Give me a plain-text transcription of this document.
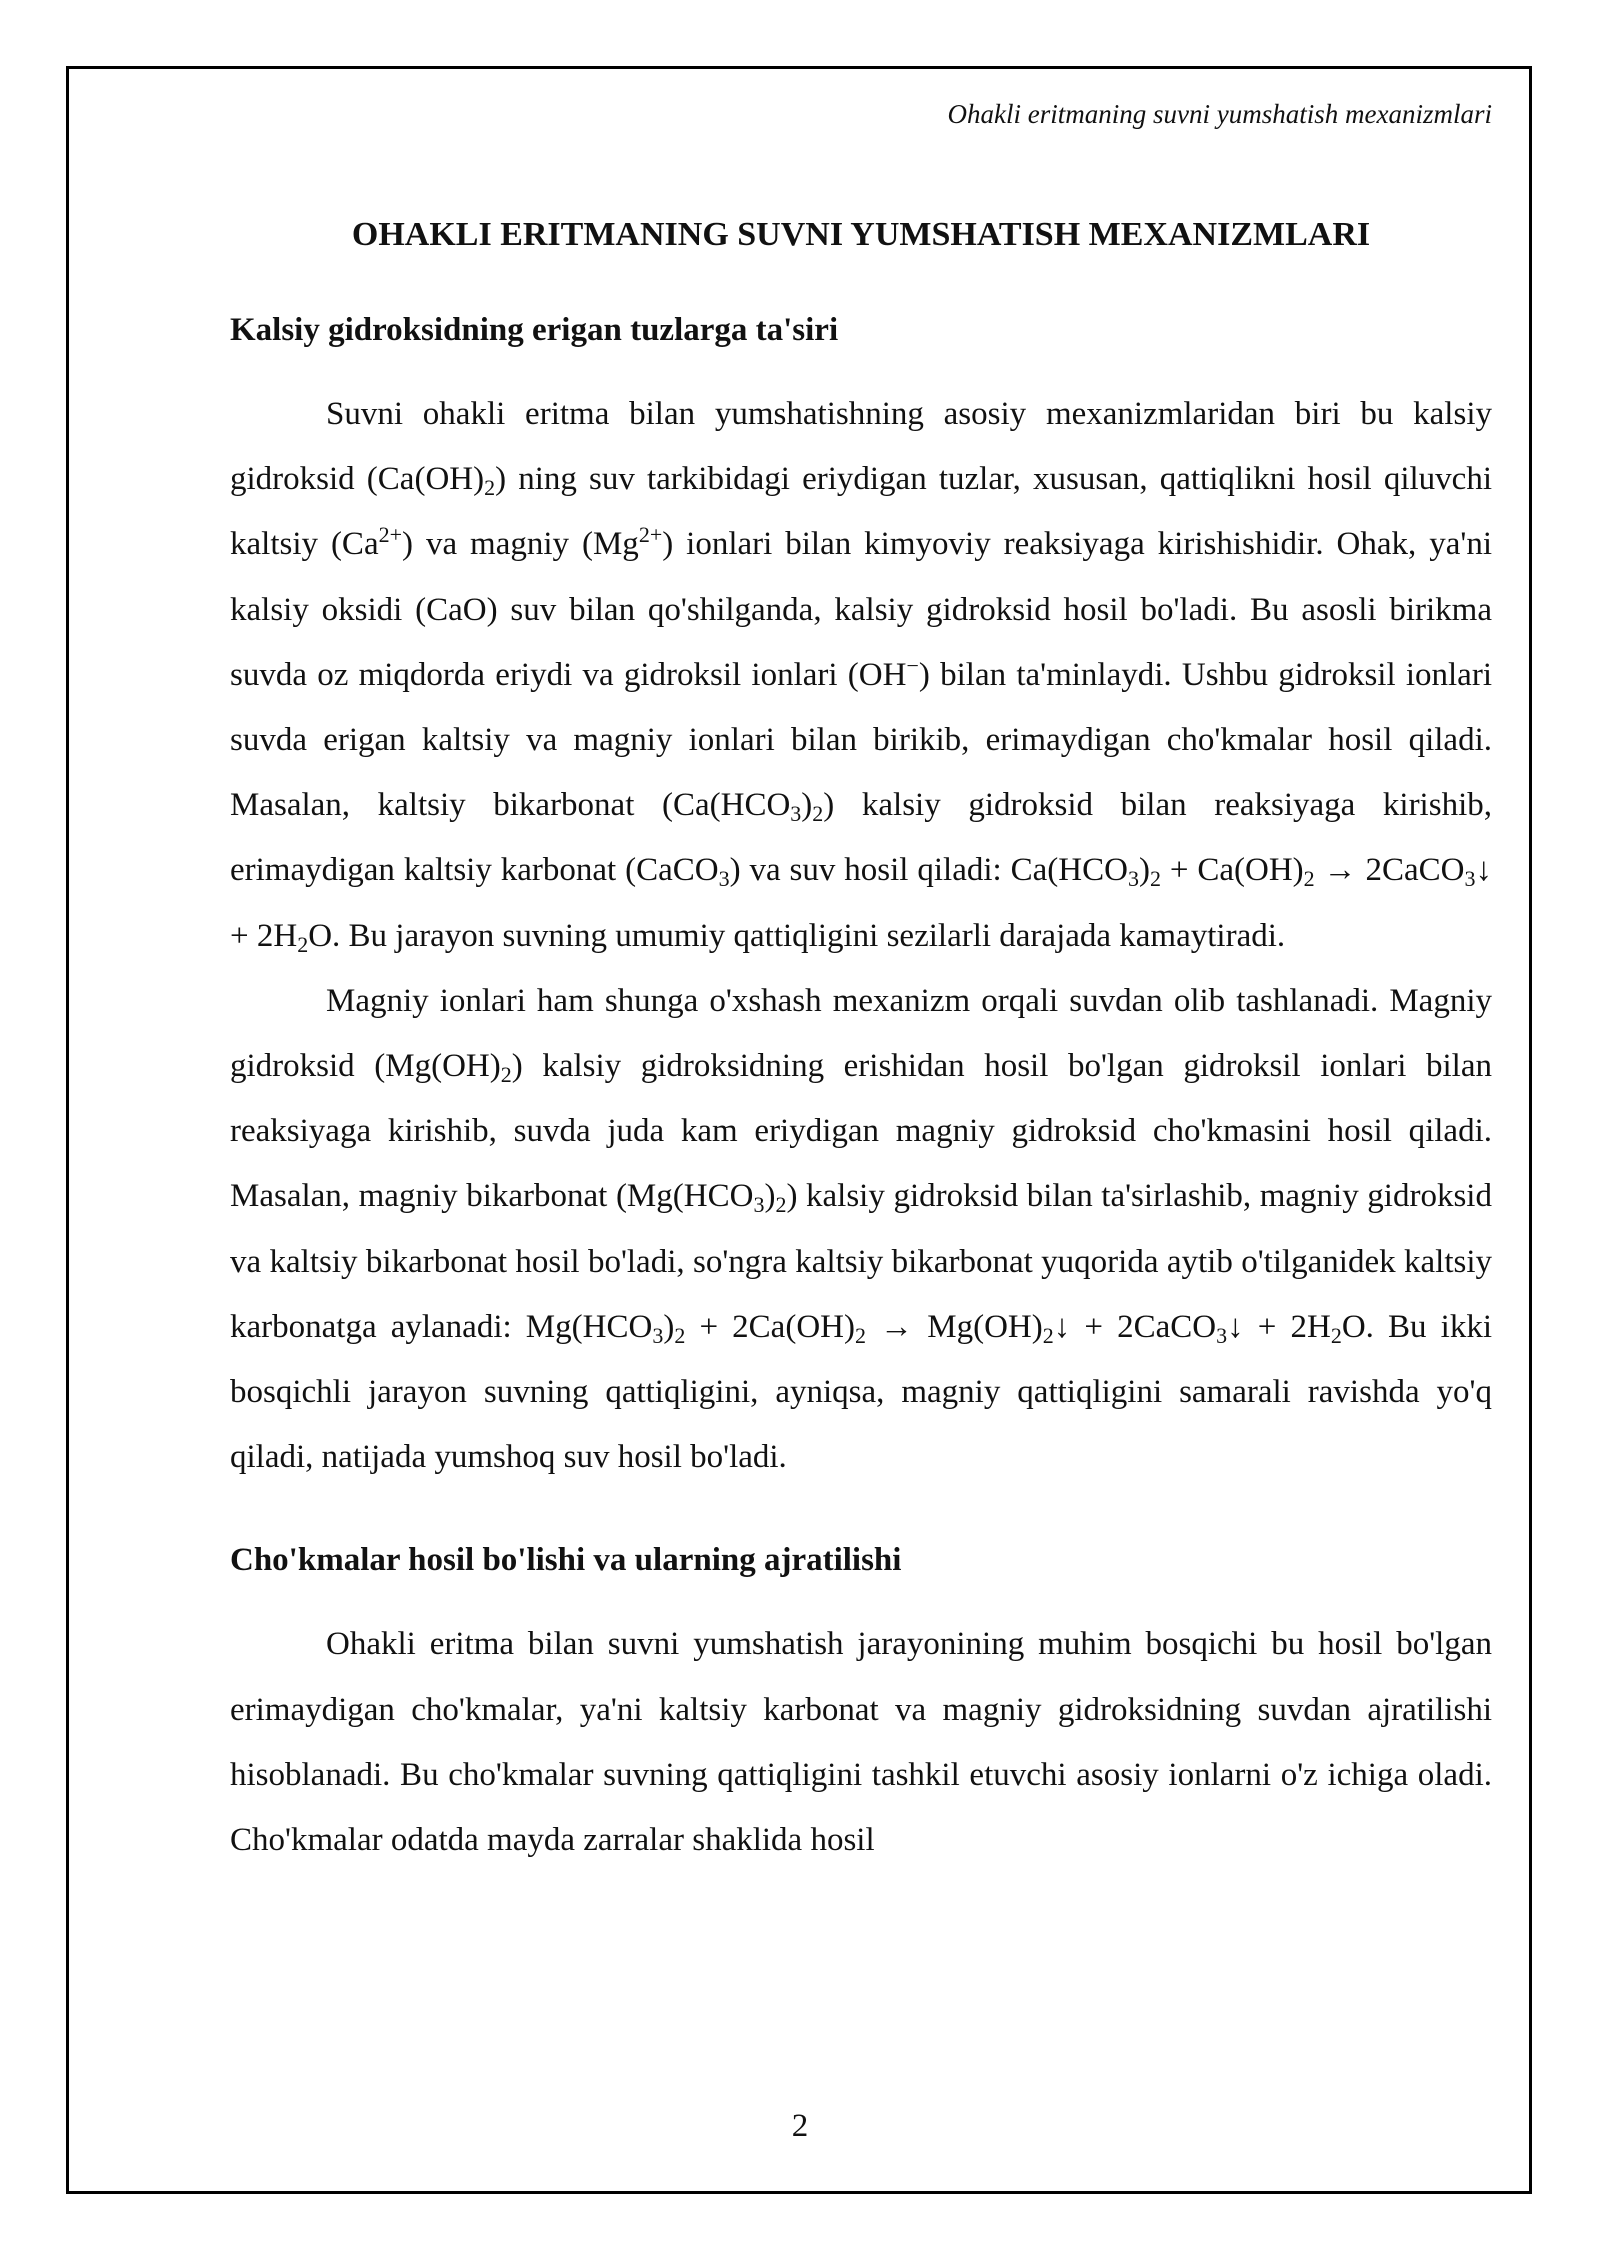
Ohakli eritmaning suvni yumshatish mexanizmlari
OHAKLI ERITMANING SUVNI YUMSHATISH MEXANIZMLARI
Kalsiy gidroksidning erigan tuzlarga ta'siri

Suvni ohakli eritma bilan yumshatishning asosiy mexanizmlaridan biri bu kalsiy gidroksid $(Ca(OH)_2)$ ning suv tarkibidagi eriydigan tuzlar, xususan, qattiqlikni hosil qiluvchi kaltsiy $(Ca^{2+})$ va magniy $(Mg^{2+})$ ionlari bilan kimyoviy reaksiyaga kirishishidir. Ohak, ya'ni kalsiy oksidi (CaO) suv bilan qo'shilganda, kalsiy gidroksid hosil bo'ladi. Bu asosli birikma suvda oz miqdorda eriydi va gidroksil ionlari (OH−) bilan ta'minlaydi. Ushbu gidroksil ionlari suvda erigan kaltsiy va magniy ionlari bilan birikib, erimaydigan cho'kmalar hosil qiladi. Masalan, kaltsiy bikarbonat $(Ca(HCO_3)_2)$ kalsiy gidroksid bilan reaksiyaga kirishib, erimaydigan kaltsiy karbonat (CaCO$_3$) va suv hosil qiladi: $Ca(HCO_3)_2 + Ca(OH)_2$ → 2CaCO$_3$↓ + $2H_2O$. Bu jarayon suvning umumiy qattiqligini sezilarli darajada kamaytiradi.

Magniy ionlari ham shunga o'xshash mexanizm orqali suvdan olib tashlanadi. Magniy gidroksid $(Mg(OH)_2)$ kalsiy gidroksidning erishidan hosil bo'lgan gidroksil ionlari bilan reaksiyaga kirishib, suvda juda kam eriydigan magniy gidroksid cho'kmasini hosil qiladi. Masalan, magniy bikarbonat $(Mg(HCO_3)_2)$ kalsiy gidroksid bilan ta'sirlashib, magniy gidroksid va kaltsiy bikarbonat hosil bo'ladi, so'ngra kaltsiy bikarbonat yuqorida aytib o'tilganidek kaltsiy karbonatga aylanadi: $Mg(HCO_3)_2 + 2Ca(OH)_2$ → $Mg(OH)_2↓$ + 2CaCO$_3$↓ + $2H_2O$. Bu ikki bosqichli jarayon suvning qattiqligini, ayniqsa, magniy qattiqligini samarali ravishda yo'q qiladi, natijada yumshoq suv hosil bo'ladi.

Cho'kmalar hosil bo'lishi va ularning ajratilishi

Ohakli eritma bilan suvni yumshatish jarayonining muhim bosqichi bu hosil bo'lgan erimaydigan cho'kmalar, ya'ni kaltsiy karbonat va magniy gidroksidning suvdan ajratilishi hisoblanadi. Bu cho'kmalar suvning qattiqligini tashkil etuvchi asosiy ionlarni o'z ichiga oladi. Cho'kmalar odatda mayda zarralar shaklida hosil

2
